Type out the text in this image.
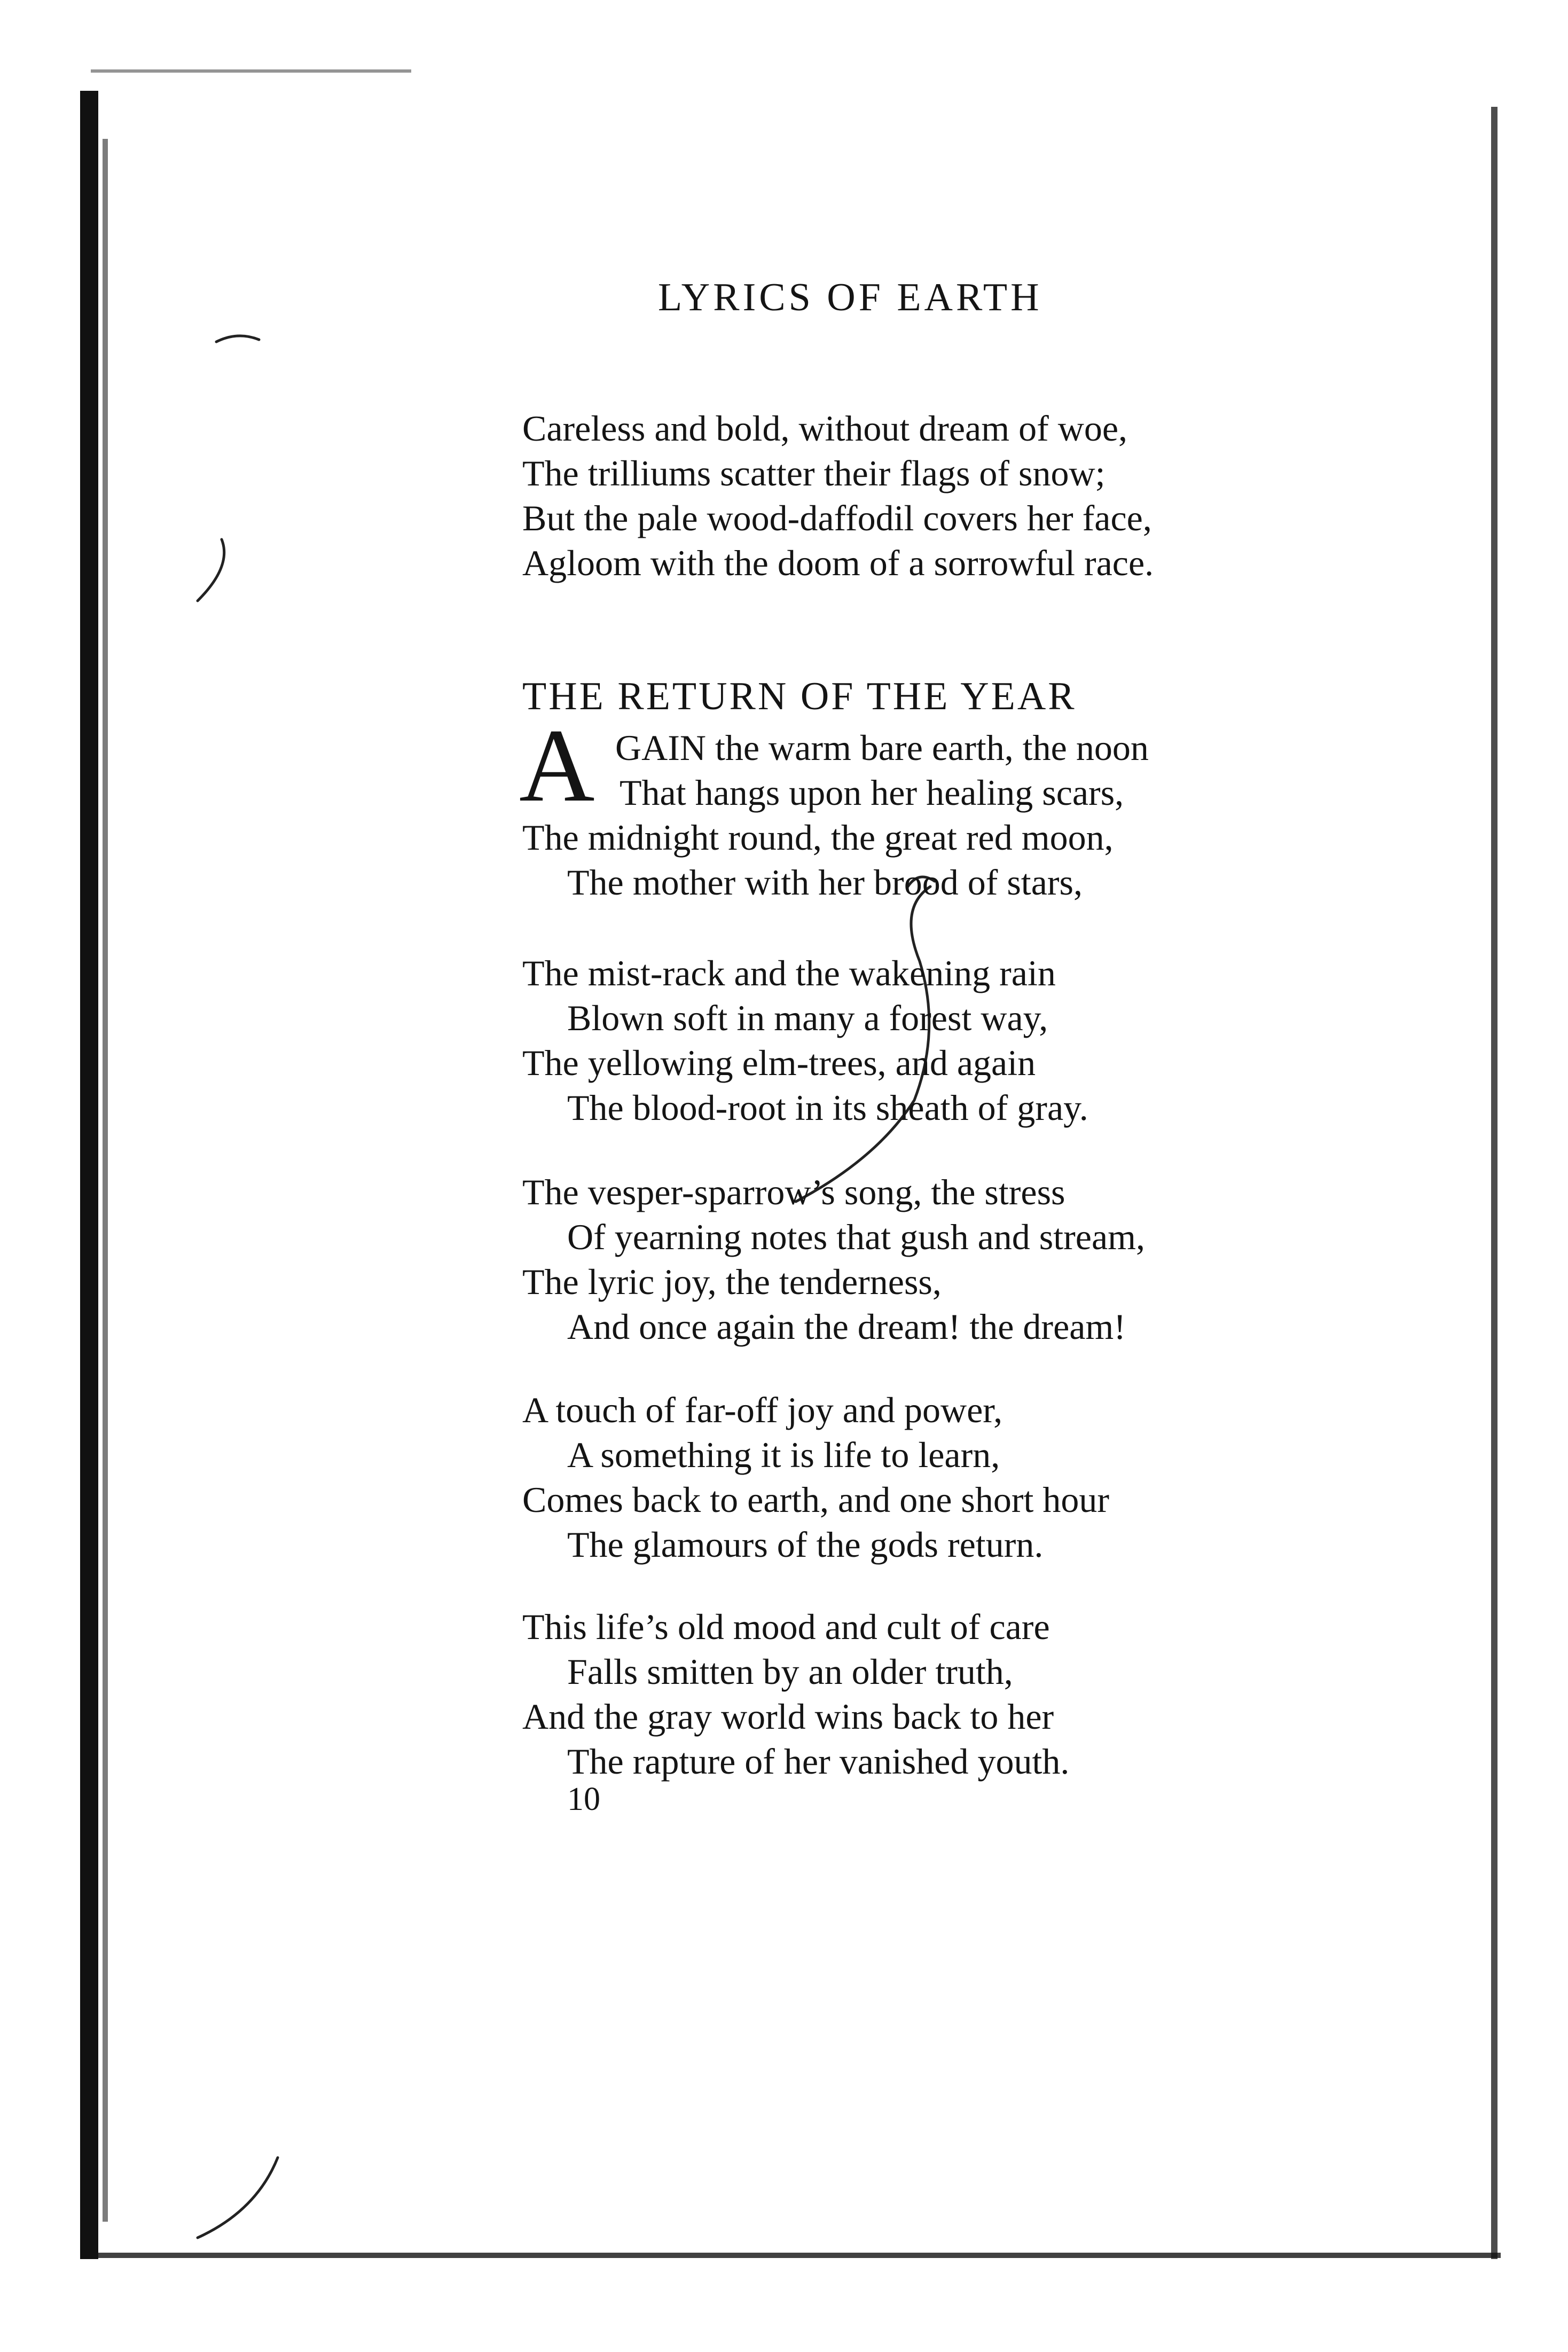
LYRICS OF EARTH
Careless and bold, without dream of woe,
The trilliums scatter their flags of snow;
But the pale wood-daffodil covers her face,
Agloom with the doom of a sorrowful race.
THE RETURN OF THE YEAR
A GAIN the warm bare earth, the noon
That hangs upon her healing scars,
The midnight round, the great red moon,
The mother with her brood of stars,
The mist-rack and the wakening rain
Blown soft in many a forest way,
The yellowing elm-trees, and again
The blood-root in its sheath of gray.
The vesper-sparrow’s song, the stress
Of yearning notes that gush and stream,
The lyric joy, the tenderness,
And once again the dream! the dream!
A touch of far-off joy and power,
A something it is life to learn,
Comes back to earth, and one short hour
The glamours of the gods return.
This life’s old mood and cult of care
Falls smitten by an older truth,
And the gray world wins back to her
The rapture of her vanished youth.
10
